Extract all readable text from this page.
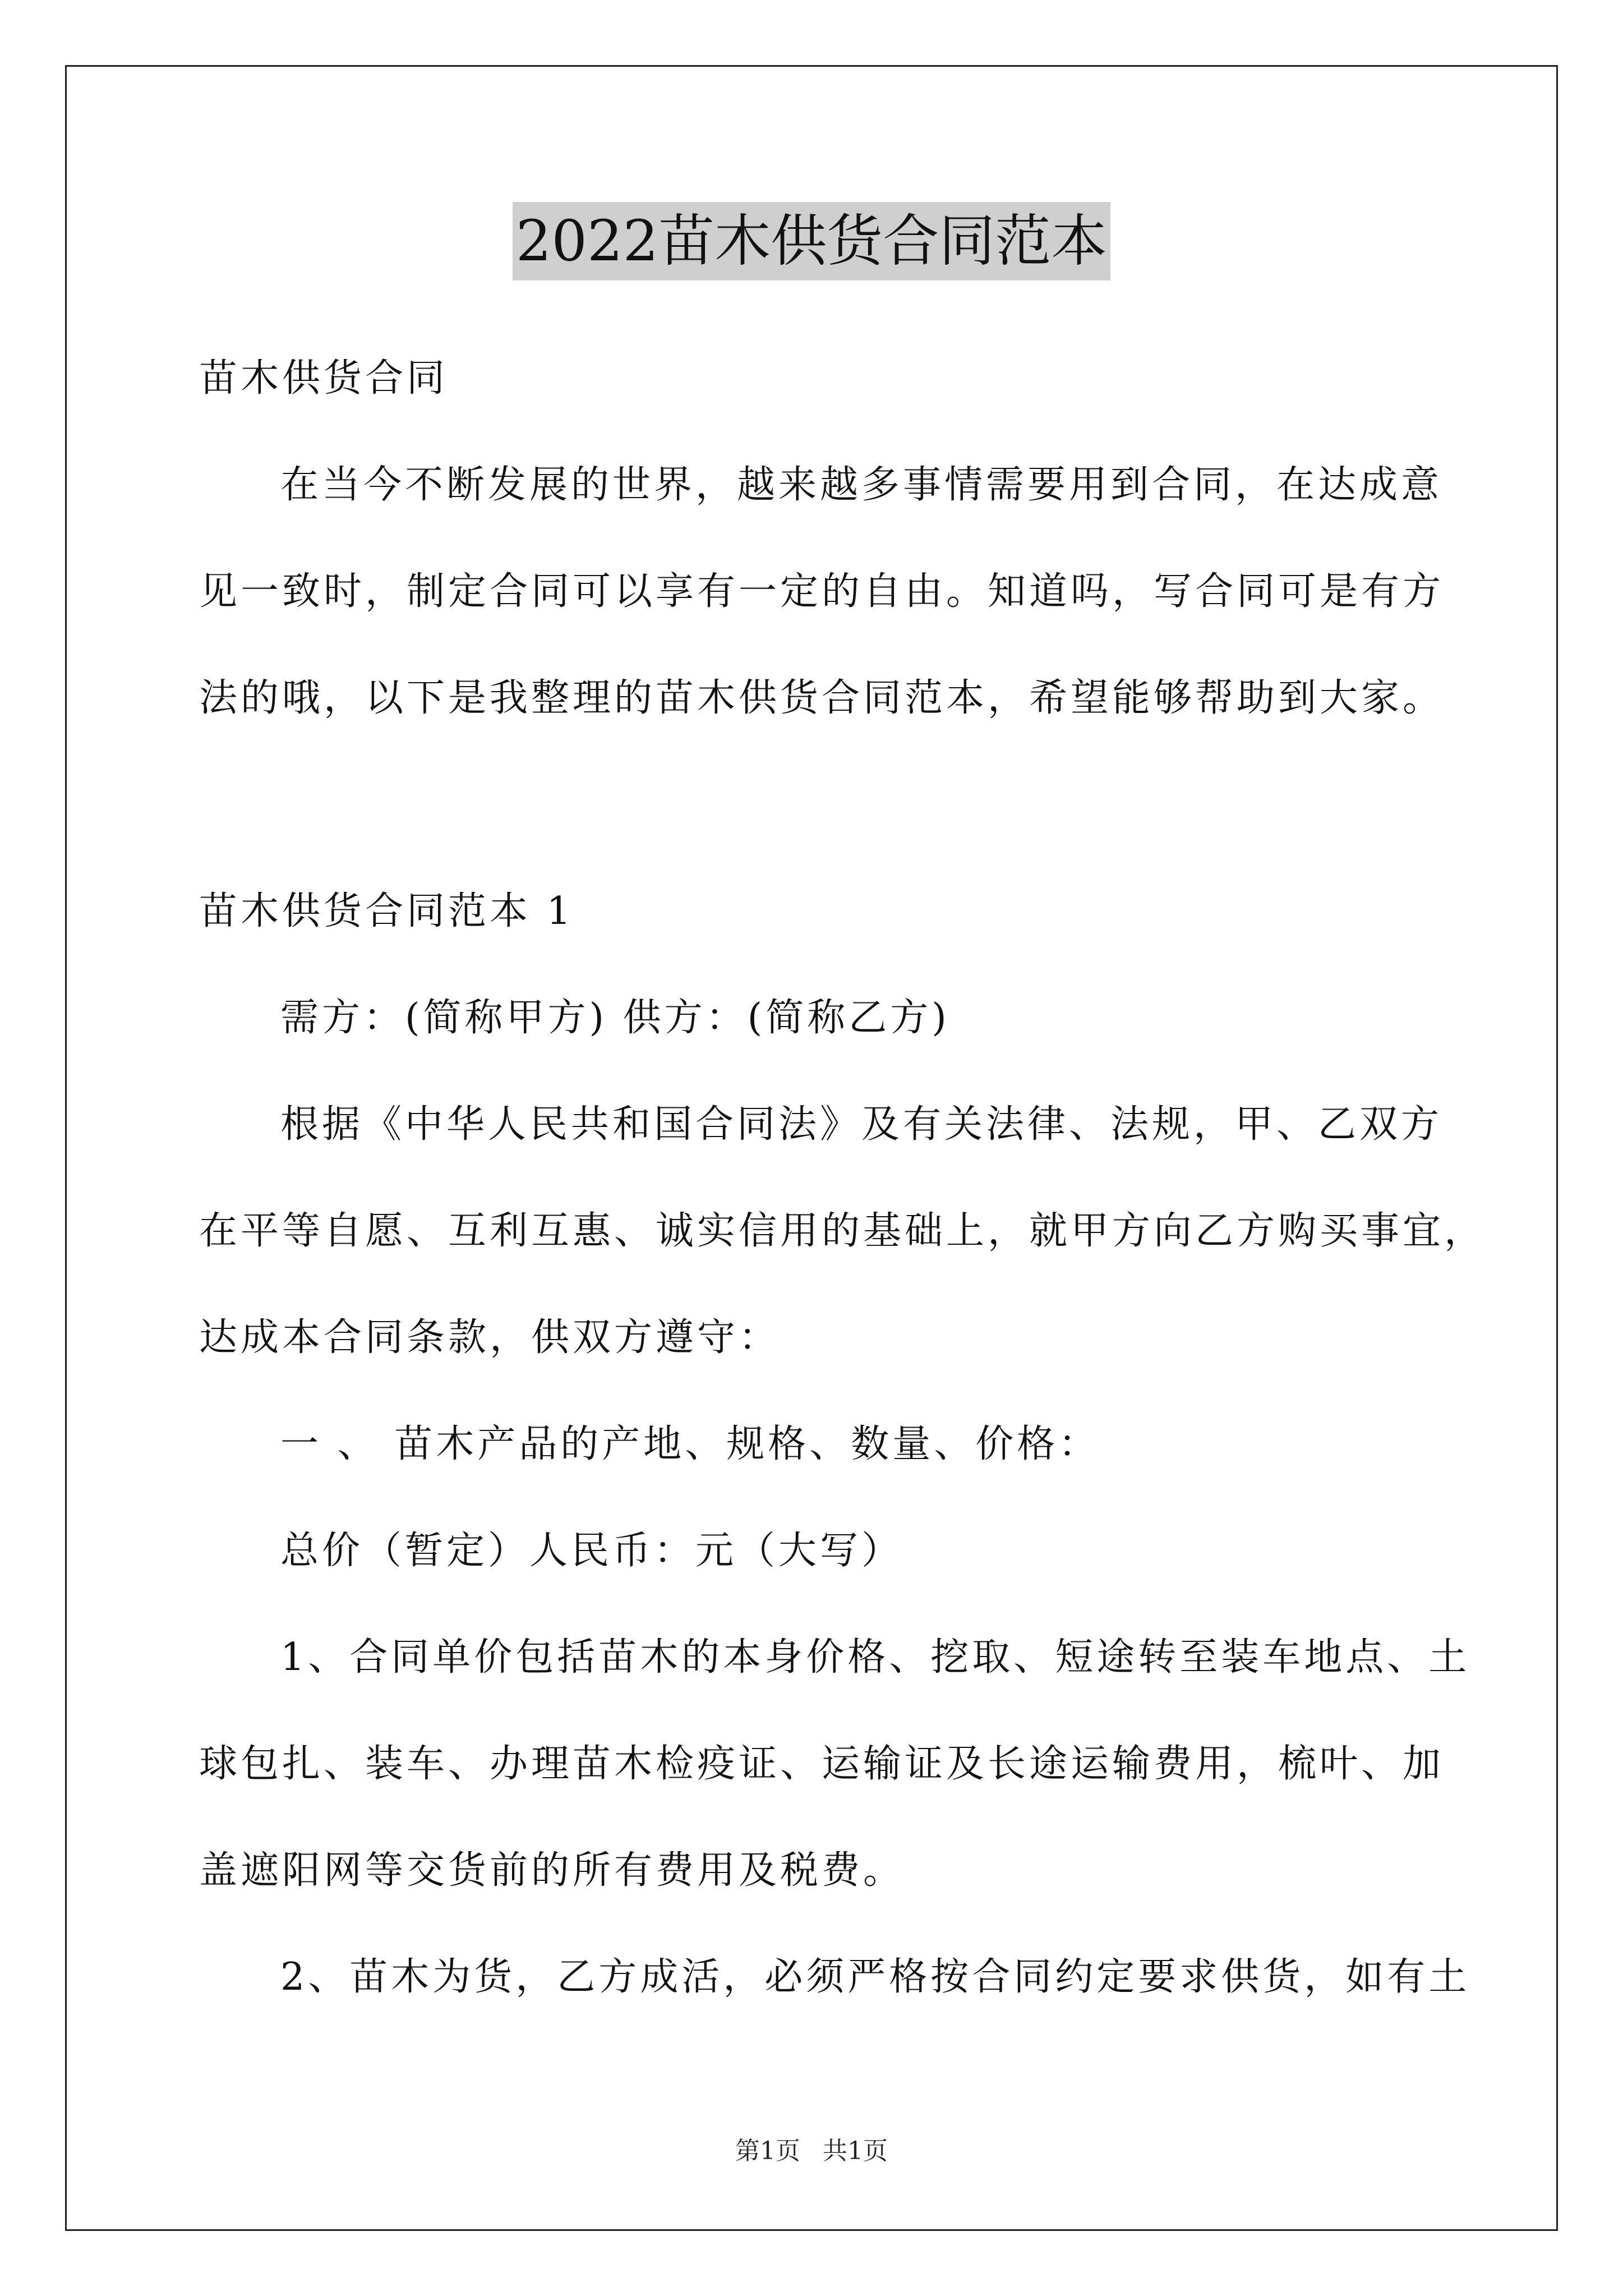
2022苗木供货合同范本
苗木供货合同
在当今不断发展的世界，越来越多事情需要用到合同，在达成意
见一致时，制定合同可以享有一定的自由。知道吗，写合同可是有方
法的哦，以下是我整理的苗木供货合同范本，希望能够帮助到大家。
苗木供货合同范本 1
需方：(简称甲方) 供方：(简称乙方)
根据《中华人民共和国合同法》及有关法律、法规，甲、乙双方
在平等自愿、互利互惠、诚实信用的基础上，就甲方向乙方购买事宜，
达成本合同条款，供双方遵守：
一 、 苗木产品的产地、规格、数量、价格：
总价（暂定）人民币：元（大写）
1、合同单价包括苗木的本身价格、挖取、短途转至装车地点、土
球包扎、装车、办理苗木检疫证、运输证及长途运输费用，梳叶、加
盖遮阳网等交货前的所有费用及税费。
2、苗木为货，乙方成活，必须严格按合同约定要求供货，如有土
第1页 共1页
